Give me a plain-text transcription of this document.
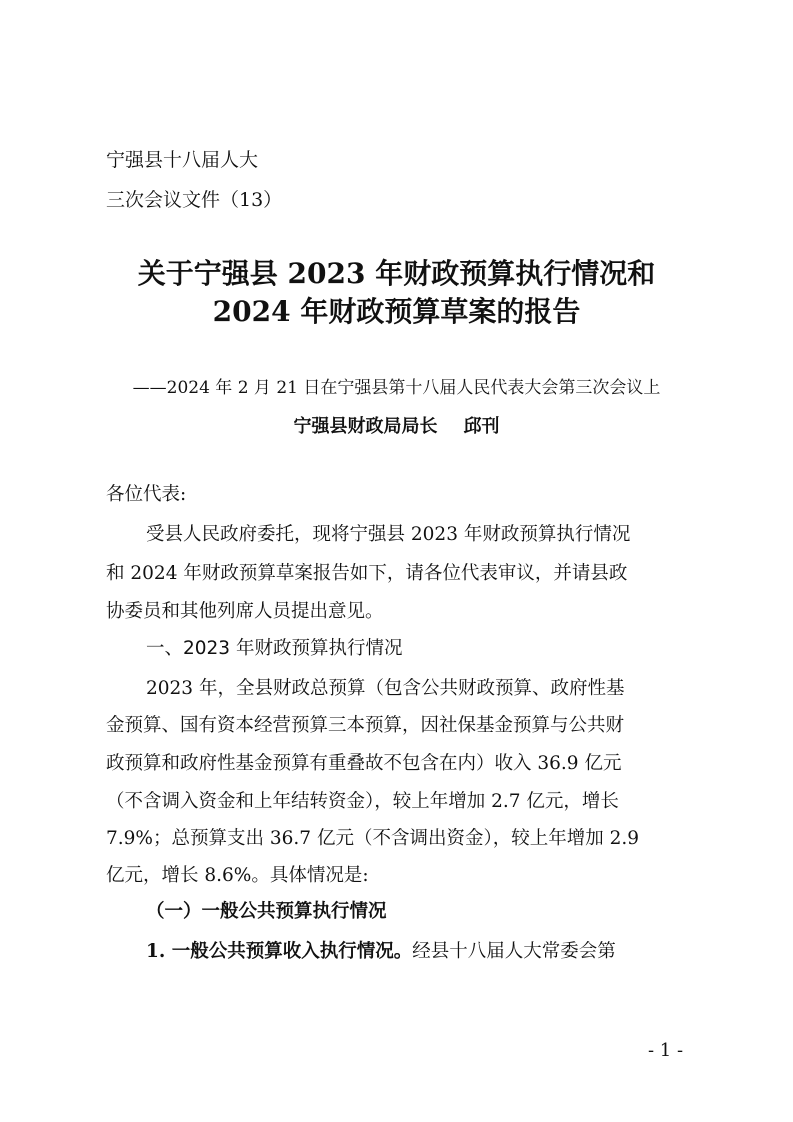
宁强县十八届人大
三次会议文件（13）
关于宁强县 2023 年财政预算执行情况和
2024 年财政预算草案的报告
——2024 年 2 月 21 日在宁强县第十八届人民代表大会第三次会议上
宁强县财政局局长 邱刊
各位代表:
受县人民政府委托，现将宁强县 2023 年财政预算执行情况
和 2024 年财政预算草案报告如下，请各位代表审议，并请县政
协委员和其他列席人员提出意见。
一、2023 年财政预算执行情况
2023 年，全县财政总预算（包含公共财政预算、政府性基
金预算、国有资本经营预算三本预算，因社保基金预算与公共财
政预算和政府性基金预算有重叠故不包含在内）收入 36.9 亿元
（不含调入资金和上年结转资金），较上年增加 2.7 亿元，增长
7.9%；总预算支出 36.7 亿元（不含调出资金），较上年增加 2.9
亿元，增长 8.6%。具体情况是:
（一）一般公共预算执行情况
1. 一般公共预算收入执行情况。经县十八届人大常委会第
- 1 -
